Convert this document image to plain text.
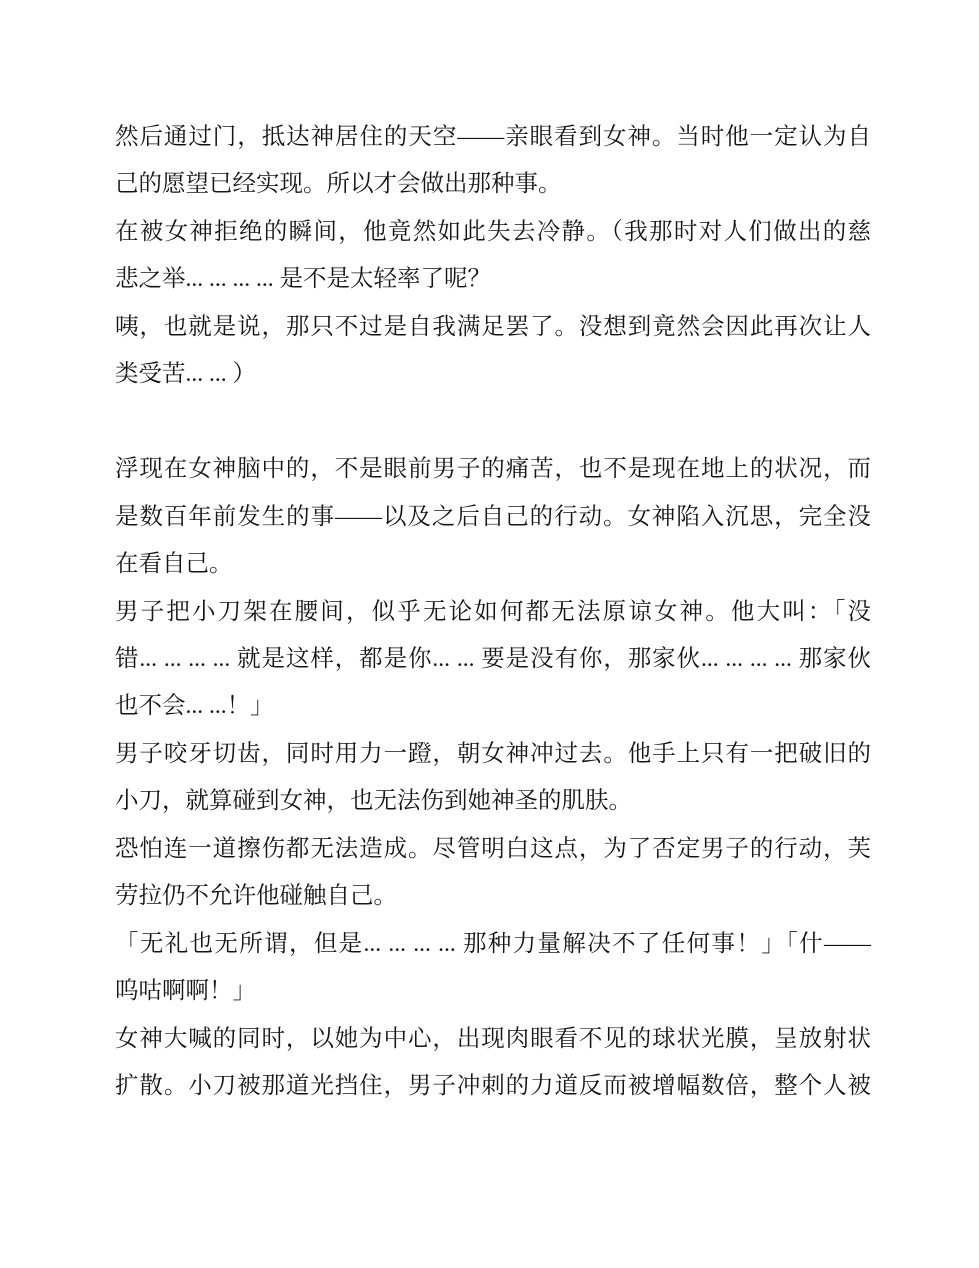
然后通过门，抵达神居住的天空——亲眼看到女神。当时他一定认为自
己的愿望已经实现。所以才会做出那种事。
在被女神拒绝的瞬间，他竟然如此失去冷静。（我那时对人们做出的慈
悲之举... ... ... ... 是不是太轻率了呢？
咦，也就是说，那只不过是自我满足罢了。没想到竟然会因此再次让人
类受苦... ... ）
浮现在女神脑中的，不是眼前男子的痛苦，也不是现在地上的状况，而
是数百年前发生的事——以及之后自己的行动。女神陷入沉思，完全没
在看自己。
男子把小刀架在腰间，似乎无论如何都无法原谅女神。他大叫：「没
错... ... ... ... 就是这样，都是你... ... 要是没有你，那家伙... ... ... ... 那家伙
也不会... ...！」
男子咬牙切齿，同时用力一蹬，朝女神冲过去。他手上只有一把破旧的
小刀，就算碰到女神，也无法伤到她神圣的肌肤。
恐怕连一道擦伤都无法造成。尽管明白这点，为了否定男子的行动，芙
劳拉仍不允许他碰触自己。
「无礼也无所谓，但是... ... ... ... 那种力量解决不了任何事！」「什——
呜咕啊啊！」
女神大喊的同时，以她为中心，出现肉眼看不见的球状光膜，呈放射状
扩散。小刀被那道光挡住，男子冲刺的力道反而被增幅数倍，整个人被
